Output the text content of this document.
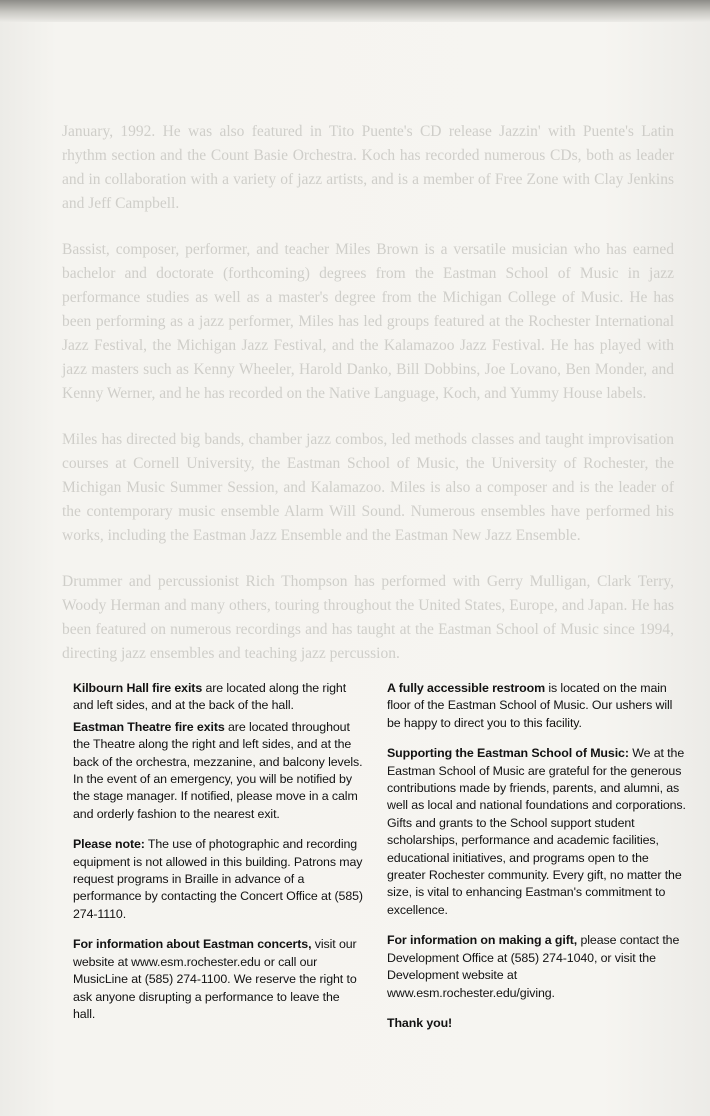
January, 1992. He was also featured in Tito Puente's CD release Jazzin' with Puente's Latin rhythm section and the Count Basie Orchestra. Koch has recorded numerous CDs, both as leader and in collaboration with a variety of jazz artists, and is a member of Free Zone with Clay Jenkins and Jeff Campbell.

Bassist, composer, performer, and teacher Miles Brown is a versatile musician who has earned bachelor and doctorate (forthcoming) degrees from the Eastman School of Music in jazz performance studies as well as a master's degree from the Michigan College of Music. He has been performing as a jazz performer, Miles has led groups featured at the Rochester International Jazz Festival, the Michigan Jazz Festival, and the Kalamazoo Jazz Festival. He has played with jazz masters such as Kenny Wheeler, Harold Danko, Bill Dobbins, Joe Lovano, Ben Monder, and Kenny Werner, and he has recorded on the Native Language, Koch, and Yummy House labels.

Miles has directed big bands, chamber jazz combos, led methods classes and taught improvisation courses at Cornell University, the Eastman School of Music, the University of Rochester, the Michigan Music Summer Session, and Kalamazoo. Miles is also a composer and is the leader of the contemporary music ensemble Alarm Will Sound. Numerous ensembles have performed his works, including the Eastman Jazz Ensemble and the Eastman New Jazz Ensemble.

Drummer and percussionist Rich Thompson has performed with Gerry Mulligan, Clark Terry, Woody Herman and many others, touring throughout the United States, Europe, and Japan. He has been featured on numerous recordings and has taught at the Eastman School of Music since 1994, directing jazz ensembles and teaching jazz percussion.

Kilbourn Hall fire exits are located along the right and left sides, and at the back of the hall.

Eastman Theatre fire exits are located throughout the Theatre along the right and left sides, and at the back of the orchestra, mezzanine, and balcony levels. In the event of an emergency, you will be notified by the stage manager. If notified, please move in a calm and orderly fashion to the nearest exit.

Please note: The use of photographic and recording equipment is not allowed in this building. Patrons may request programs in Braille in advance of a performance by contacting the Concert Office at (585) 274-1110.

For information about Eastman concerts, visit our website at www.esm.rochester.edu or call our MusicLine at (585) 274-1100. We reserve the right to ask anyone disrupting a performance to leave the hall.

A fully accessible restroom is located on the main floor of the Eastman School of Music. Our ushers will be happy to direct you to this facility.

Supporting the Eastman School of Music: We at the Eastman School of Music are grateful for the generous contributions made by friends, parents, and alumni, as well as local and national foundations and corporations. Gifts and grants to the School support student scholarships, performance and academic facilities, educational initiatives, and programs open to the greater Rochester community. Every gift, no matter the size, is vital to enhancing Eastman's commitment to excellence.

For information on making a gift, please contact the Development Office at (585) 274-1040, or visit the Development website at www.esm.rochester.edu/giving.

Thank you!
